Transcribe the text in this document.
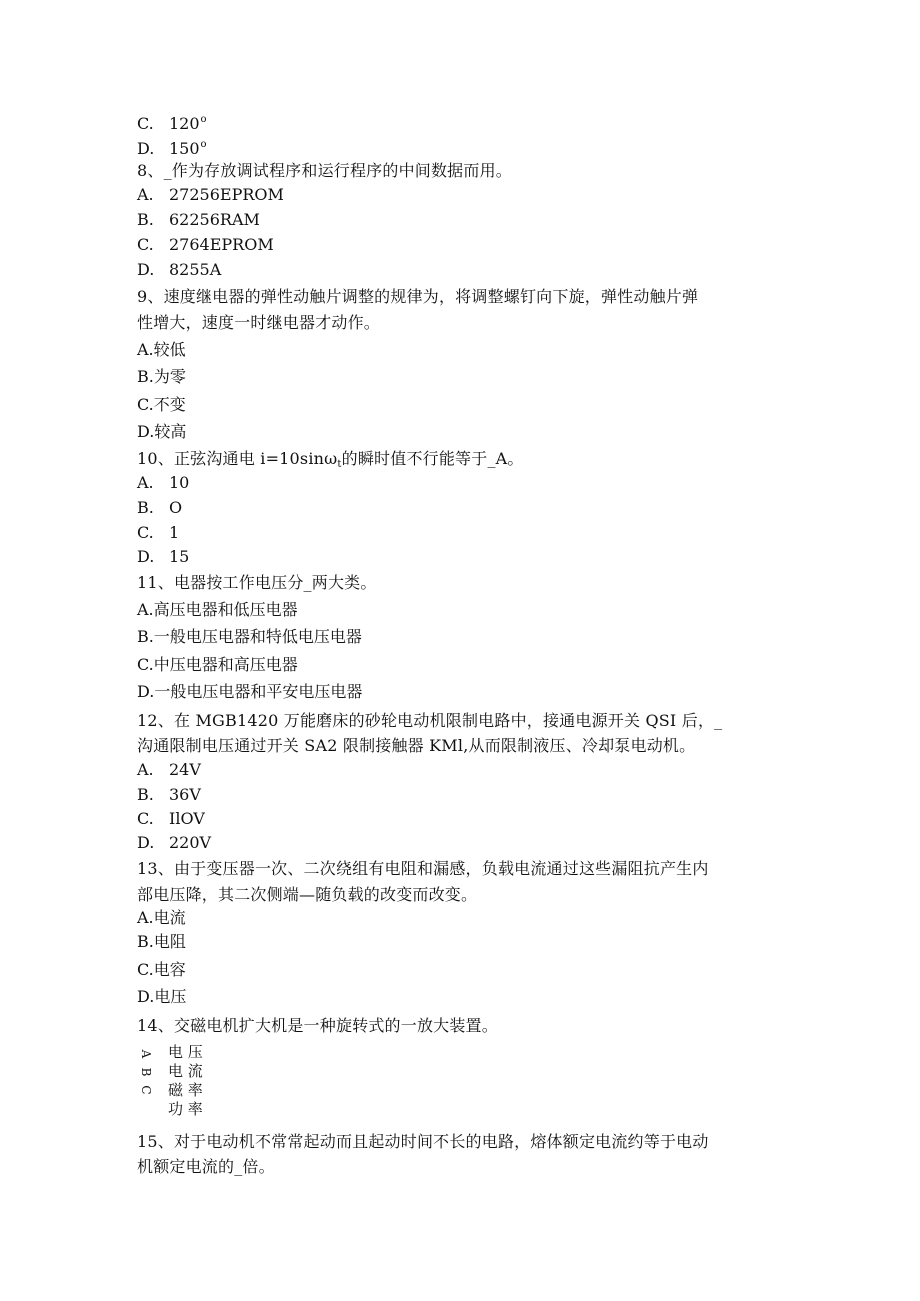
C. 120$^o$
D. 150$^o$
8、_作为存放调试程序和运行程序的中间数据而用。
A. 27256EPROM
B. 62256RAM
C. 2764EPROM
D. 8255A
9、速度继电器的弹性动触片调整的规律为，将调整螺钉向下旋，弹性动触片弹
性增大，速度一时继电器才动作。
A.较低
B.为零
C.不变
D.较高
10、正弦沟通电 i=10sinω$_t$的瞬时值不行能等于_A。
A. 10
B. O
C. 1
D. 15
11、电器按工作电压分_两大类。
A.高压电器和低压电器
B.一般电压电器和特低电压电器
C.中压电器和高压电器
D.一般电压电器和平安电压电器
12、在 MGB1420 万能磨床的砂轮电动机限制电路中，接通电源开关 QSI 后，_
沟通限制电压通过开关 SA2 限制接触器 KMl,从而限制液压、冷却泵电动机。
A. 24V
B. 36V
C. IlOV
D. 220V
13、由于变压器一次、二次绕组有电阻和漏感，负载电流通过这些漏阻抗产生内
部电压降，其二次侧端—随负载的改变而改变。
A.电流
B.电阻
C.电容
D.电压
14、交磁电机扩大机是一种旋转式的一放大装置。
A
B
C
电 压
电 流
磁 率
功 率
15、对于电动机不常常起动而且起动时间不长的电路，熔体额定电流约等于电动
机额定电流的_倍。
